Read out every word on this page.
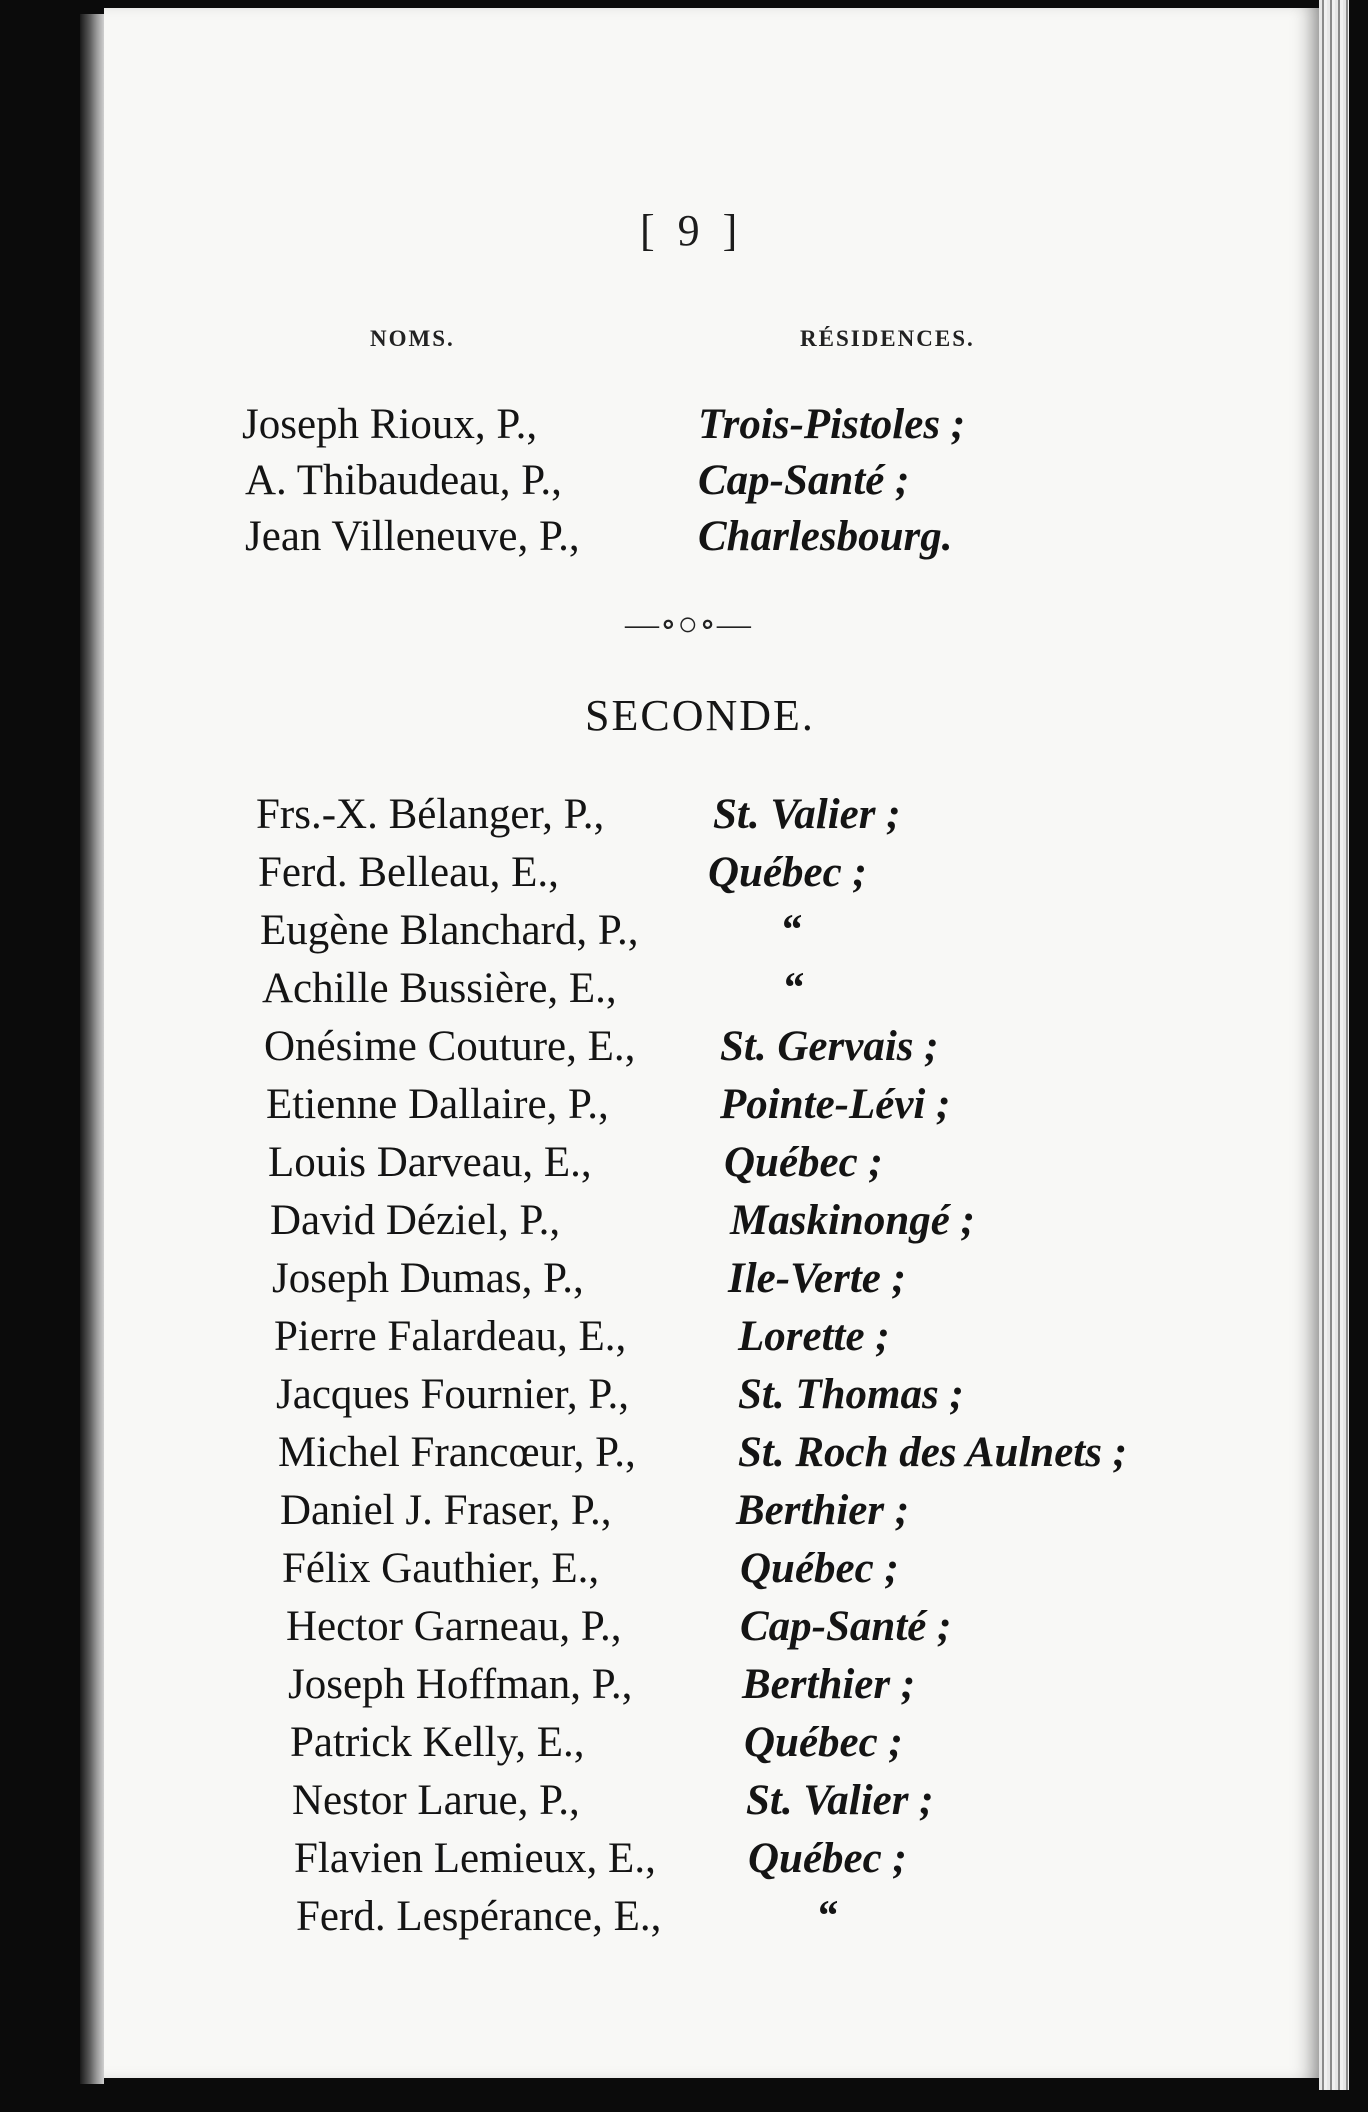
[ 9 ]
NOMS.	RÉSIDENCES.
Joseph Rioux, P.,	Trois-Pistoles ;
A. Thibaudeau, P.,	Cap-Santé ;
Jean Villeneuve, P.,	Charlesbourg.
—∘○∘—
SECONDE.
Frs.-X. Bélanger, P.,	St. Valier ;
Ferd. Belleau, E.,	Québec ;
Eugène Blanchard, P.,	“
Achille Bussière, E.,	“
Onésime Couture, E., St. Gervais ;
Etienne Dallaire, P.,	Pointe-Lévi ;
Louis Darveau, E.,	Québec ;
David Déziel, P.,	Maskinongé ;
Joseph Dumas, P.,	Ile-Verte ;
Pierre Falardeau, E.,	Lorette ;
Jacques Fournier, P.,	St. Thomas ;
Michel Francœur, P., St. Roch des Aulnets ;
Daniel J. Fraser, P.,	Berthier ;
Félix Gauthier, E.,	Québec ;
Hector Garneau, P.,	Cap-Santé ;
Joseph Hoffman, P.,	Berthier ;
Patrick Kelly, E.,	Québec ;
Nestor Larue, P.,	St. Valier ;
Flavien Lemieux, E., Québec ;
Ferd. Lespérance, E.,	“
